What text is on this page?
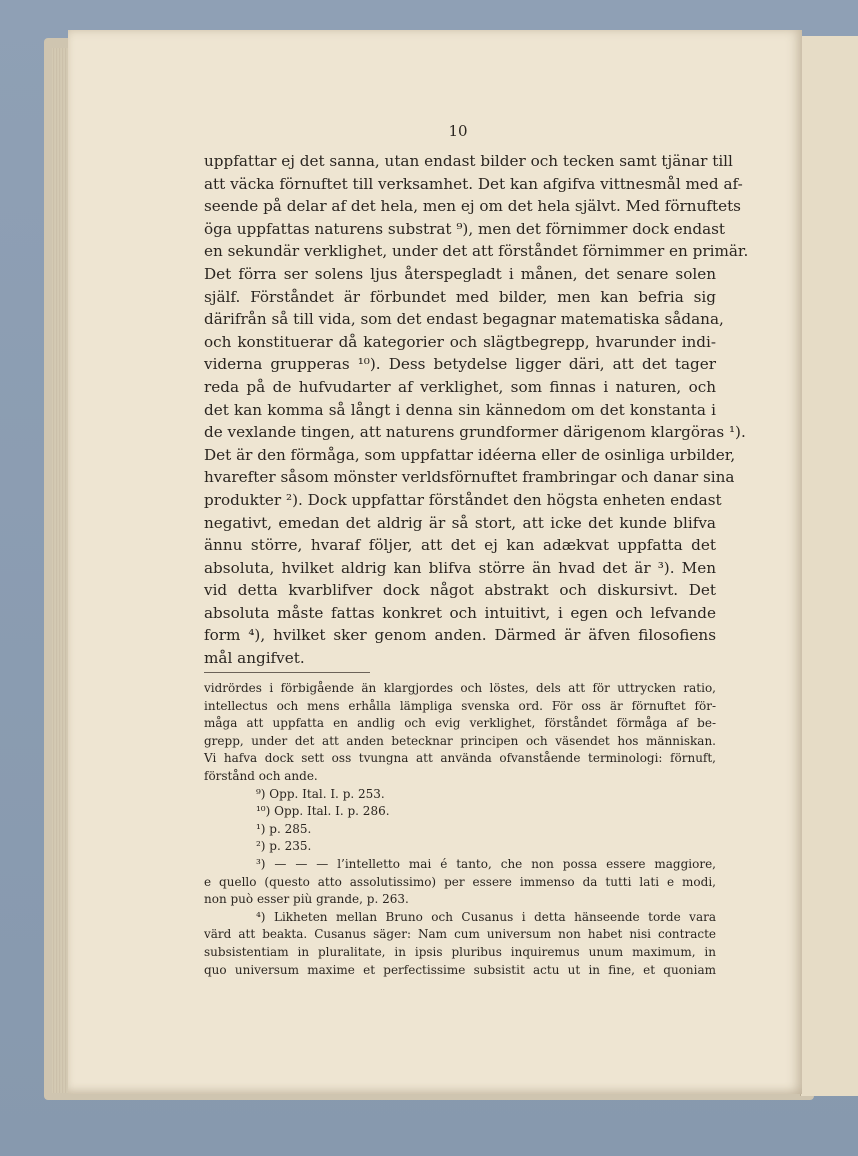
10
uppfattar ej det sanna, utan endast bilder och tecken samt tjänar till
att väcka förnuftet till verksamhet. Det kan afgifva vittnesmål med af-
seende på delar af det hela, men ej om det hela självt. Med förnuftets
öga uppfattas naturens substrat ⁹), men det förnimmer dock endast
en sekundär verklighet, under det att förståndet förnimmer en primär.
Det förra ser solens ljus återspegladt i månen, det senare solen
själf. Förståndet är förbundet med bilder, men kan befria sig
därifrån så till vida, som det endast begagnar matematiska sådana,
och konstituerar då kategorier och slägtbegrepp, hvarunder indi-
viderna grupperas ¹⁰). Dess betydelse ligger däri, att det tager
reda på de hufvudarter af verklighet, som finnas i naturen, och
det kan komma så långt i denna sin kännedom om det konstanta i
de vexlande tingen, att naturens grundformer därigenom klargöras ¹).
Det är den förmåga, som uppfattar idéerna eller de osinliga urbilder,
hvarefter såsom mönster verldsförnuftet frambringar och danar sina
produkter ²). Dock uppfattar förståndet den högsta enheten endast
negativt, emedan det aldrig är så stort, att icke det kunde blifva
ännu större, hvaraf följer, att det ej kan adækvat uppfatta det
absoluta, hvilket aldrig kan blifva större än hvad det är ³). Men
vid detta kvarblifver dock något abstrakt och diskursivt. Det
absoluta måste fattas konkret och intuitivt, i egen och lefvande
form ⁴), hvilket sker genom anden. Därmed är äfven filosofiens
mål angifvet.
vidrördes i förbigående än klargjordes och löstes, dels att för uttrycken ratio,
intellectus och mens erhålla lämpliga svenska ord. För oss är förnuftet för-
måga att uppfatta en andlig och evig verklighet, förståndet förmåga af be-
grepp, under det att anden betecknar principen och väsendet hos människan.
Vi hafva dock sett oss tvungna att använda ofvanstående terminologi: förnuft,
förstånd och ande.
⁹) Opp. Ital. I. p. 253.
¹⁰) Opp. Ital. I. p. 286.
¹) p. 285.
²) p. 235.
³) — — — l’intelletto mai é tanto, che non possa essere maggiore,
e quello (questo atto assolutissimo) per essere immenso da tutti lati e modi,
non può esser più grande, p. 263.
⁴) Likheten mellan Bruno och Cusanus i detta hänseende torde vara
värd att beakta. Cusanus säger: Nam cum universum non habet nisi contracte
subsistentiam in pluralitate, in ipsis pluribus inquiremus unum maximum, in
quo universum maxime et perfectissime subsistit actu ut in fine, et quoniam
